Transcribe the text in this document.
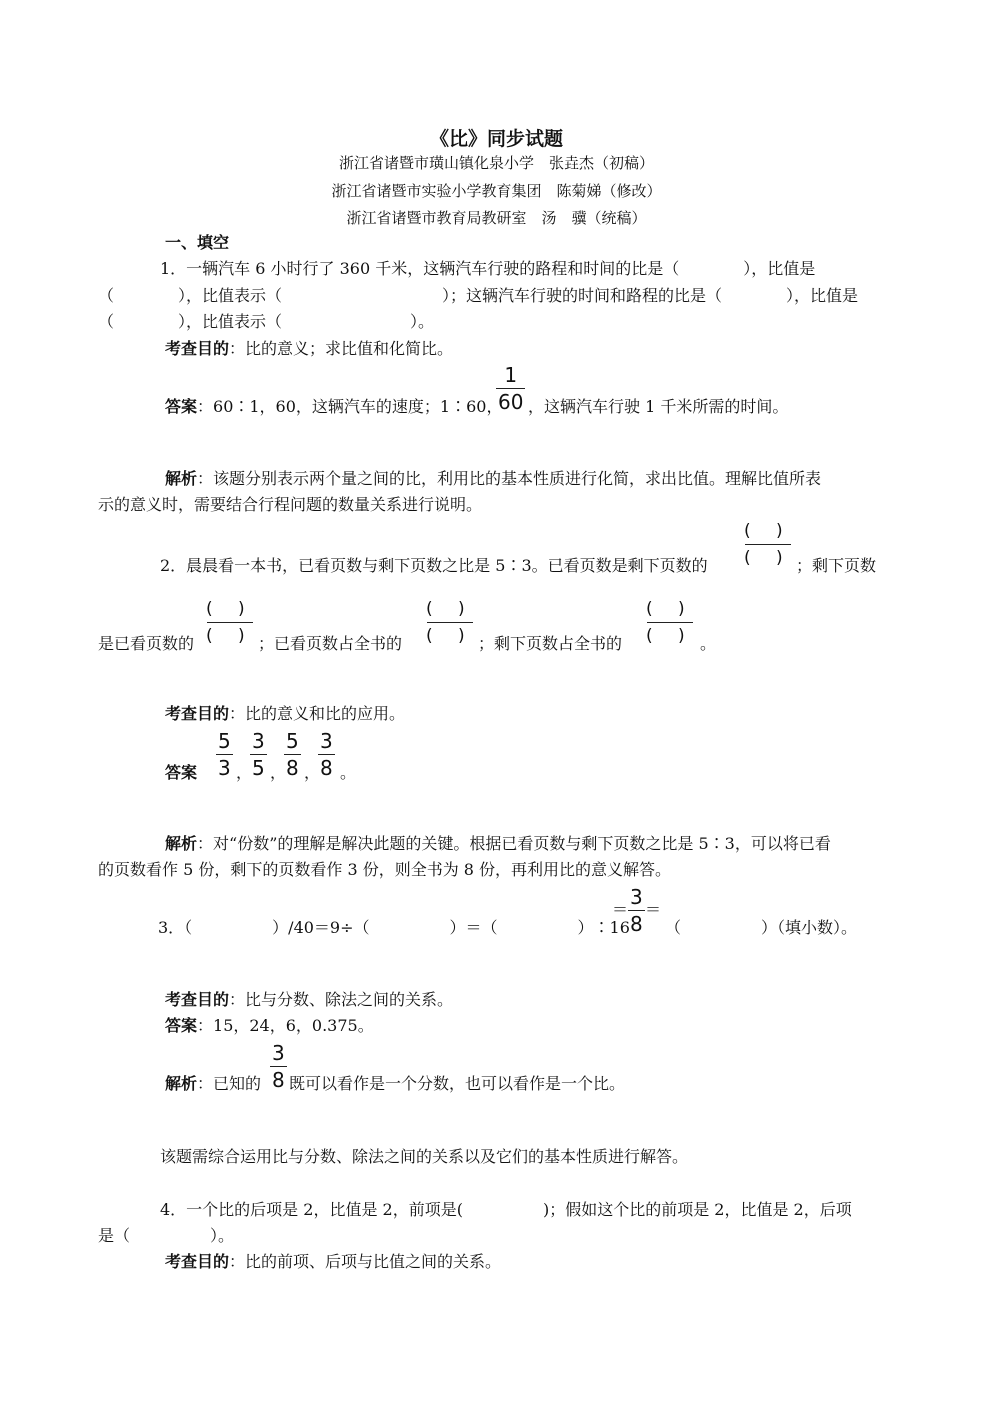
《比》同步试题
浙江省诸暨市璜山镇化泉小学　张垚杰（初稿）
浙江省诸暨市实验小学教育集团　陈菊娣（修改）
浙江省诸暨市教育局教研室　汤　骥（统稿）
一、填空
1．一辆汽车 6 小时行了 360 千米，这辆汽车行驶的路程和时间的比是（　　　　），比值是
（　　　　），比值表示（　　　　　　　　　　）；这辆汽车行驶的时间和路程的比是（　　　　），比值是
（　　　　），比值表示（　　　　　　　　）。
考查目的：比的意义；求比值和化简比。
答案：60∶1，60，这辆汽车的速度；1∶60，
1
60 ，这辆汽车行驶 1 千米所需的时间。
解析：该题分别表示两个量之间的比，利用比的基本性质进行化简，求出比值。理解比值所表
示的意义时，需要结合行程问题的数量关系进行说明。
2．晨晨看一本书，已看页数与剩下页数之比是 5∶3。已看页数是剩下页数的
( )
( ) ；剩下页数
是已看页数的
( )
( ) ；已看页数占全书的
( )
( ) ；剩下页数占全书的
( )
( ) 。
考查目的：比的意义和比的应用。
答案
5
3 ，
3
5 ，
5
8 ，
3
8 。
解析：对“份数”的理解是解决此题的关键。根据已看页数与剩下页数之比是 5∶3，可以将已看
的页数看作 5 份，剩下的页数看作 3 份，则全书为 8 份，再利用比的意义解答。
3．（　　　　　）/40＝9÷（　　　　　）＝（　　　　　）∶16
＝
3
8
＝
（　　　　　）（填小数）。
考查目的：比与分数、除法之间的关系。
答案：15，24，6，0.375。
解析：已知的
3
8 既可以看作是一个分数，也可以看作是一个比。
该题需综合运用比与分数、除法之间的关系以及它们的基本性质进行解答。
4．一个比的后项是 2，比值是 2，前项是(　　　　　)；假如这个比的前项是 2，比值是 2，后项
是（　　　　　）。
考查目的：比的前项、后项与比值之间的关系。
